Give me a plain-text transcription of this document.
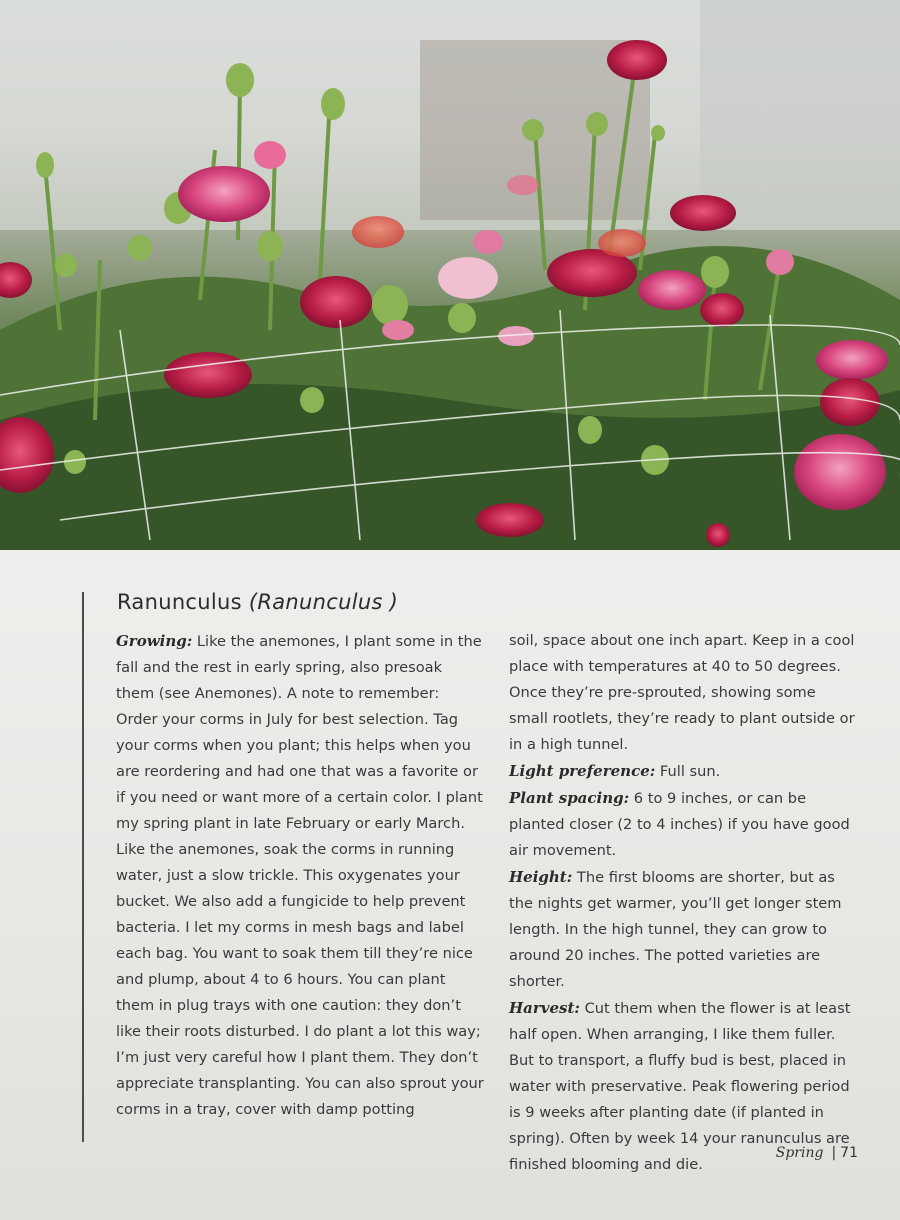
Ranunculus (Ranunculus )

Growing: Like the anemones, I plant some in the fall and the rest in early spring, also presoak them (see Anemones). A note to remember: Order your corms in July for best selection. Tag your corms when you plant; this helps when you are reordering and had one that was a favorite or if you need or want more of a certain color. I plant my spring plant in late February or early March. Like the anemones, soak the corms in running water, just a slow trickle. This oxygenates your bucket. We also add a fungicide to help prevent bacteria. I let my corms in mesh bags and label each bag. You want to soak them till they’re nice and plump, about 4 to 6 hours. You can plant them in plug trays with one caution: they don’t like their roots disturbed. I do plant a lot this way; I’m just very careful how I plant them. They don’t appreciate transplanting. You can also sprout your corms in a tray, cover with damp potting

soil, space about one inch apart. Keep in a cool place with temperatures at 40 to 50 degrees. Once they’re pre-sprouted, showing some small rootlets, they’re ready to plant outside or in a high tunnel.

Light preference: Full sun.

Plant spacing: 6 to 9 inches, or can be planted closer (2 to 4 inches) if you have good air movement.

Height: The first blooms are shorter, but as the nights get warmer, you’ll get longer stem length. In the high tunnel, they can grow to around 20 inches. The potted varieties are shorter.

Harvest: Cut them when the flower is at least half open. When arranging, I like them fuller. But to transport, a fluffy bud is best, placed in water with preservative. Peak flowering period is 9 weeks after planting date (if planted in spring). Often by week 14 your ranunculus are finished blooming and die.

Spring | 71
